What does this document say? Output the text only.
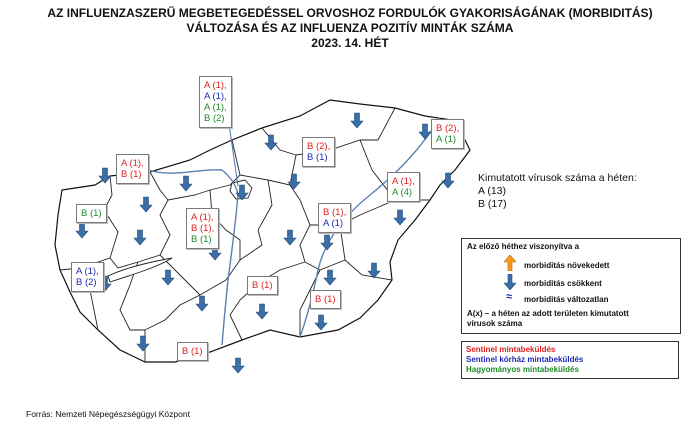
AZ INFLUENZASZERŰ MEGBETEGEDÉSSEL ORVOSHOZ FORDULÓK GYAKORISÁGÁNAK (MORBIDITÁS)
VÁLTOZÁSA ÉS AZ INFLUENZA POZITÍV MINTÁK SZÁMA
2023. 14. HÉT
A (1),
A (1),
A (1),
B (2)
B (2),
B (1)
B (2),
A (1)
A (1),
A (4)
A (1),
B (1)
B (1)	A (1),
B (1),
B (1)
B (1),
A (1)
A (1),
B (2)	B (1)
B (1)
B (1)
Kimutatott vírusok száma a héten:
A (13)
B (17)
Az előző héthez viszonyítva a
morbiditás növekedett
morbiditás csökkent
≈ morbiditás változatlan
A(x) – a héten az adott területen kimutatott
vírusok száma
Sentinel mintabeküldés
Sentinel kórház mintabeküldés
Hagyományos mintabeküldés
Forrás: Nemzeti Népegészségügyi Központ
